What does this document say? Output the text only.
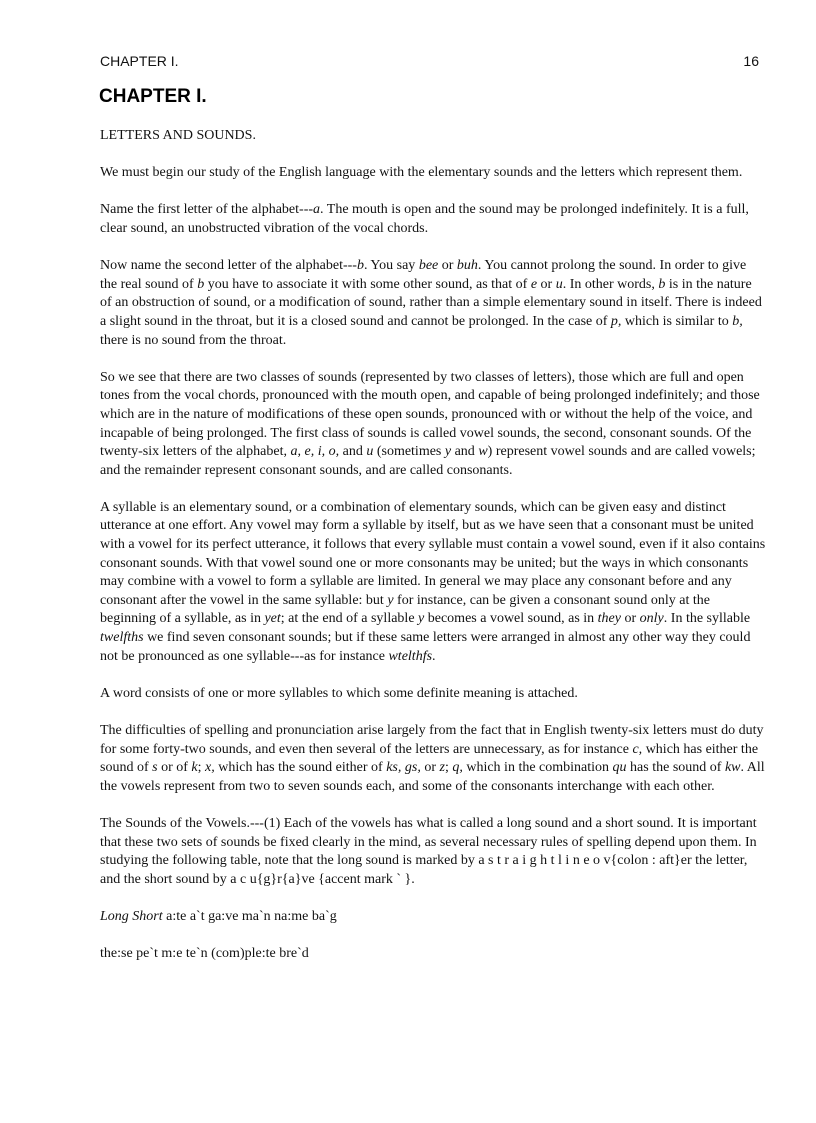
CHAPTER I.	16
CHAPTER I.

LETTERS AND SOUNDS.

We must begin our study of the English language with the elementary sounds and the letters which represent them.

Name the first letter of the alphabet---a. The mouth is open and the sound may be prolonged indefinitely. It is a full, clear sound, an unobstructed vibration of the vocal chords.

Now name the second letter of the alphabet---b. You say bee or buh. You cannot prolong the sound. In order to give the real sound of b you have to associate it with some other sound, as that of e or u. In other words, b is in the nature of an obstruction of sound, or a modification of sound, rather than a simple elementary sound in itself. There is indeed a slight sound in the throat, but it is a closed sound and cannot be prolonged. In the case of p, which is similar to b, there is no sound from the throat.

So we see that there are two classes of sounds (represented by two classes of letters), those which are full and open tones from the vocal chords, pronounced with the mouth open, and capable of being prolonged indefinitely; and those which are in the nature of modifications of these open sounds, pronounced with or without the help of the voice, and incapable of being prolonged. The first class of sounds is called vowel sounds, the second, consonant sounds. Of the twenty-six letters of the alphabet, a, e, i, o, and u (sometimes y and w) represent vowel sounds and are called vowels; and the remainder represent consonant sounds, and are called consonants.

A syllable is an elementary sound, or a combination of elementary sounds, which can be given easy and distinct utterance at one effort. Any vowel may form a syllable by itself, but as we have seen that a consonant must be united with a vowel for its perfect utterance, it follows that every syllable must contain a vowel sound, even if it also contains consonant sounds. With that vowel sound one or more consonants may be united; but the ways in which consonants may combine with a vowel to form a syllable are limited. In general we may place any consonant before and any consonant after the vowel in the same syllable: but y for instance, can be given a consonant sound only at the beginning of a syllable, as in yet; at the end of a syllable y becomes a vowel sound, as in they or only. In the syllable twelfths we find seven consonant sounds; but if these same letters were arranged in almost any other way they could not be pronounced as one syllable---as for instance wtelthfs.

A word consists of one or more syllables to which some definite meaning is attached.

The difficulties of spelling and pronunciation arise largely from the fact that in English twenty-six letters must do duty for some forty-two sounds, and even then several of the letters are unnecessary, as for instance c, which has either the sound of s or of k; x, which has the sound either of ks, gs, or z; q, which in the combination qu has the sound of kw. All the vowels represent from two to seven sounds each, and some of the consonants interchange with each other.

The Sounds of the Vowels.---(1) Each of the vowels has what is called a long sound and a short sound. It is important that these two sets of sounds be fixed clearly in the mind, as several necessary rules of spelling depend upon them. In studying the following table, note that the long sound is marked by a s t r a i g h t l i n e o v{colon : aft}er the letter, and the short sound by a c u{g}r{a}ve {accent mark ` }.

Long Short a:te a`t ga:ve ma`n na:me ba`g

the:se pe`t m:e te`n (com)ple:te bre`d
